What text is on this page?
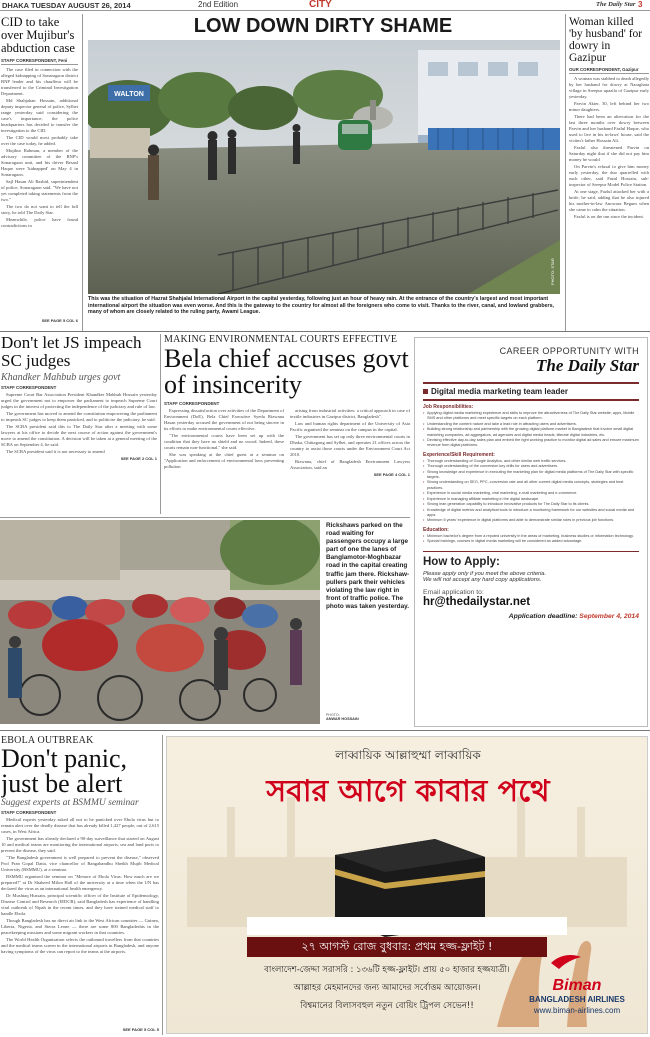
DHAKA TUESDAY AUGUST 26, 2014	2nd Edition	CITY	The Daily Star 3
CID to take over Mujibur's abduction case
STAFF CORRESPONDENT, Feni

The case filed in connection with the alleged kidnapping of Sonaragaon district BNP leader and his chauffeur will be transferred to the Criminal Investigation Department.

Md Shahjahan Hossain, additional deputy inspector general of police, Sylhet range yesterday said considering the case's importance, the police headquarters has decided to transfer the investigation to the CID.

The CID would most probably take over the case today, he added.

Mujibur Rahman, a member of the advisory committee of the BNP's Sonaragaon unit, and his driver Besaal Haque were 'kidnapped' on May 4 in Sonaragaon.

Sajl Hasan Ali Rashid, superintendent of police, Sonaragaon said, "We have not yet completed taking statements from the two."

The two do not want to tell the full story, he told The Daily Star.

Meanwhile, police have found contradictions in

SEE PAGE 5 COL 6
LOW DOWN DIRTY SHAME
WALTON
PHOTO: STAR
This was the situation of Hazrat Shahjalal International Airport in the capital yesterday, following just an hour of heavy rain. At the entrance of the country's largest and most important international airport the situation was even worse. And this is the gateway to the country for almost all the foreigners who come to visit. Thanks to the river, canal, and lowland grabbers, many of whom are closely related to the ruling party, Awami League.
Woman killed 'by husband' for dowry in Gazipur
OUR CORRESPONDENT, Gazipur

A woman was stabbed to death allegedly by her husband for dowry at Naraghata village in Sreepur upazila of Gazipur early yesterday.

Parvin Akter, 30, left behind her two minor daughters.

There had been an altercation for the last three months over dowry between Parvin and her husband Fazlul Haque, who used to live in his in-laws' house, said the victim's father Hossain Ali.

Fazlul also threatened Parvin on Saturday night that if she did not pay him money he would

On Parvin's refusal to give him money early yesterday, the duo quarrelled with each other, said Fazal Hossain, sub-inspector of Sreepur Model Police Station.

At one stage, Fazlul attacked her with a knife, he said, adding that he also injured his mother-in-law Anowara Begum when she came to calm the situation.

Fazlul is on the run since the incident.

Don't let JS impeach SC judges
Khandker Mahbub urges govt
STAFF CORRESPONDENT

Supreme Court Bar Association President Khandker Mahbub Hossain yesterday urged the government not to empower the parliament to impeach Supreme Court judges in the interest of protecting the independence of the judiciary and rule of law.

The government has moved to amend the constitution empowering the parliament to impeach SC judges to keep them panicked, and to politicise the judiciary, he said.

The SCBA president said this to The Daily Star after a meeting with some lawyers at his office to decide the next course of action against the government's move to amend the constitution. A decision will be taken at a general meeting of the SCBA on September 4, he said.

The SCBA president said it is not necessary to amend

SEE PAGE 2 COL 1
MAKING ENVIRONMENTAL COURTS EFFECTIVE
Bela chief accuses govt of insincerity
STAFF CORRESPONDENT

Expressing dissatisfaction over activities of the Department of Environment (DoE), Bela Chief Executive Syeda Rizwana Hasan yesterday accused the government of not being sincere in its efforts to make environmental courts effective.

"The environmental courts have been set up with the condition that they have no shield and no sword. Indeed, these courts remain non-functional," she said.

She was speaking at the chief guest at a seminar on "Application and enforcement of environmental laws preventing pollution

arising from industrial activities: a critical approach in case of textile industries in Gazipur district, Bangladesh".

Law and human rights department of the University of Asia Pacific organised the seminar on the campus in the capital.

The government has set up only three environmental courts in Dhaka, Chittagong and Sylhet, and operates 21 offices across the country to assist those courts under the Environment Court Act 2010.

Rizwana, chief of Bangladesh Environment Lawyers Association, said an

SEE PAGE 4 COL 1
Rickshaws parked on the road waiting for passengers occupy a large part of one the lanes of Banglamotor-Moghbazar road in the capital creating traffic jam there. Rickshaw-pullers park their vehicles violating the law right in front of traffic police. The photo was taken yesterday.
PHOTO:
ANWAR HOSSAIN
CAREER OPPORTUNITY WITH
The Daily Star
Digital media marketing team leader
Job Responsibilities:
• Applying digital media marketing experience and skills to improve the attractiveness of The Daily Star website, apps, Mobile SMS and other platforms and meet specific targets on each platform.
• Understanding the content nature and take a lead role in attracting users and advertisers.
• Building strong relationship and partnership with the growing digital platform market in Bangladesh that involve small digital marketing companies, ad aggregators, ad agencies and digital media heads, iliterate digital industries, etc.
• Devising effective day-to-day sales plan and embed the right working practice to monitor digital ad sales and ensure maximum revenue from digital platforms.
Experience/Skill Requirement:
• Thorough understanding of Google Analytics, and other similar web traffic services.
• Thorough understanding of the conversion key drills for users and advertisers.
• Strong knowledge and experience in executing the marketing plan for digital media platforms of The Daily Star with specific targets.
• Strong understanding on SEO, PPC, conversion rate and all other current digital media concepts, strategies and best practices.
• Experience in social media marketing, viral marketing, e-mail marketing and e-commerce.
• Experience in managing affiliate marketing in the digital landscape.
• Strong lean generation capability to introduce innovative products for The Daily Star to its clients.
• Knowledge of digital metrics and analytical tools to introduce a monitoring framework for our websites and social media and apps.
• Minimum 6 years' experience in digital platforms and able to demonstrate similar roles in previous job functions.
Education:
• Minimum bachelor's degree from a reputed university in the areas of marketing, business studies or information technology.
• Special trainings, courses in digital media marketing will be considered an added advantage.
How to Apply:
Please apply only if you meet the above criteria.
We will not accept any hard copy applications.
Email application to:
hr@thedailystar.net
Application deadline: September 4, 2014
EBOLA OUTBREAK
Don't panic, just be alert
Suggest experts at BSMMU seminar
STAFF CORRESPONDENT

Medical experts yesterday asked all not to be panicked over Ebola virus but to remain alert over the deadly disease that has already killed 1,427 people, out of 2,615 cases, in West Africa.

The government has already declared a 90-day surveillance that started on August 10 and medical teams are monitoring the international airports, sea and land ports to prevent the disease, they said.

"The Bangladesh government is well prepared to prevent the disease," observed Prof Pran Gopal Datta, vice chancellor of Bangabandhu Sheikh Mujib Medical University (BSMMU), at a seminar.

BSMMU organised the seminar on "Menace of Ebola Virus: How much are we prepared?" at Dr Shaheed Milon Hall of the university at a time when the UN has declared the virus as an international health emergency.

Dr Mushtaq Hussain, principal scientific officer of the Institute of Epidemiology, Disease Control and Research (IEDCR), said Bangladesh has experience of handling viral outbreak of Nipah in the recent times, and they have trained medical staff to handle Ebola.

Though Bangladesh has no direct air link to the West African countries — Guinea, Liberia, Nigeria, and Sierra Leone — there are some 800 Bangladeshis in the peacekeeping missions and some migrant workers in that countries.

The World Health Organisation selects the outbound travellers from that countries and the medical teams screen in the international airports in Bangladesh, and anyone having symptoms of the virus can report to the teams at the airports.

SEE PAGE 5 COL 5
লাব্বায়িক আল্লাহুম্মা লাব্বায়িক
সবার আগে কাবার পথে
২৭ আগস্ট রোজ বুধবার: প্রথম হজ্জ-ফ্লাইট !
বাংলাদেশ-জেদ্দা সরাসরি : ১৩৬টি হজ্জ-ফ্লাইট। প্রায় ৫০ হাজার হজ্জযাত্রী।
আল্লাহর মেহমানদের জন্য আমাদের সর্বোত্তম আয়োজন।
বিশ্বমানের বিলাসবহুল নতুন বোয়িং ট্রিপল সেভেন!!
Biman
BANGLADESH AIRLINES
www.biman-airlines.com
